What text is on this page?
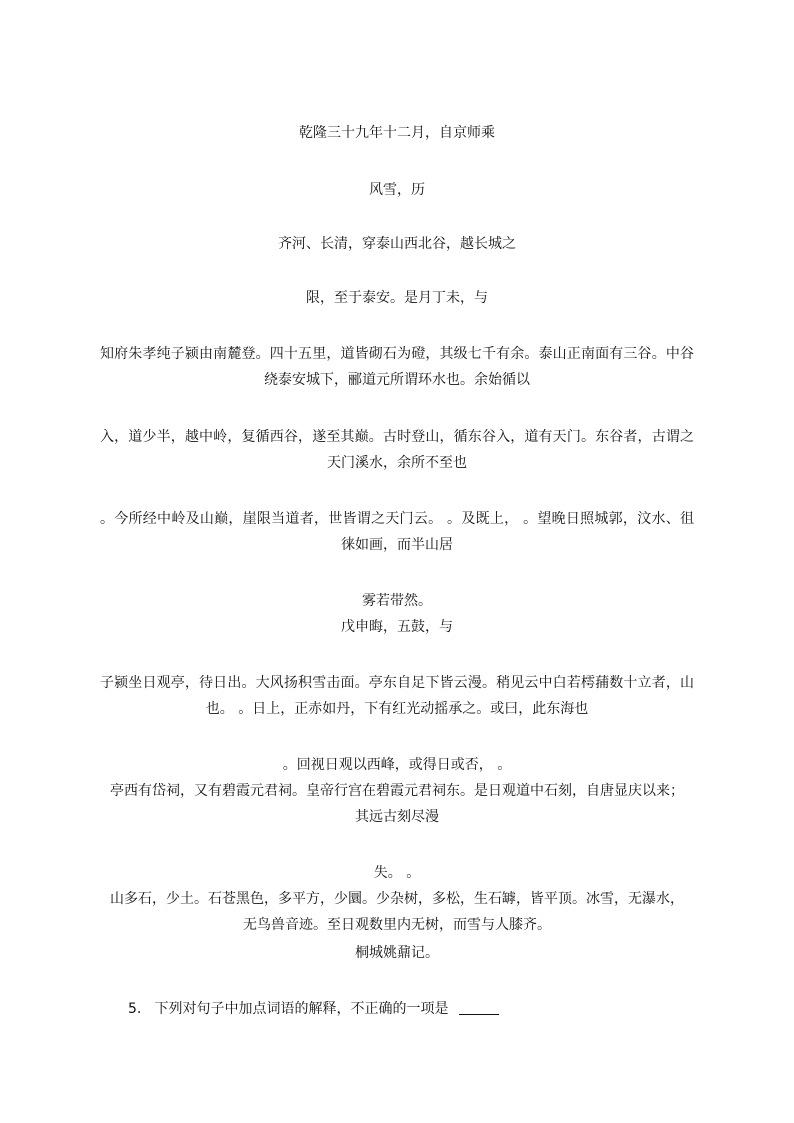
乾隆三十九年十二月，自京师乘
风雪，历
齐河、长清，穿泰山西北谷，越长城之
限，至于泰安。是月丁未，与
知府朱孝纯子颍由南麓登。四十五里，道皆砌石为磴，其级七千有余。泰山正南面有三谷。中谷
绕泰安城下，郦道元所谓环水也。余始循以
入，道少半，越中岭，复循西谷，遂至其巅。古时登山，循东谷入，道有天门。东谷者，古谓之
天门溪水，余所不至也
。今所经中岭及山巅，崖限当道者，世皆谓之天门云。 。及既上， 。望晚日照城郭，汶水、徂
徕如画，而半山居
雾若带然。
戊申晦，五鼓，与
子颍坐日观亭，待日出。大风扬积雪击面。亭东自足下皆云漫。稍见云中白若樗蒱数十立者，山
也。 。日上，正赤如丹，下有红光动摇承之。或曰，此东海也
。回视日观以西峰，或得日或否， 。
亭西有岱祠，又有碧霞元君祠。皇帝行宫在碧霞元君祠东。是日观道中石刻，自唐显庆以来；
其远古刻尽漫
失。 。
山多石，少土。石苍黑色，多平方，少圜。少杂树，多松，生石罅，皆平顶。冰雪，无瀑水，
无鸟兽音迹。至日观数里内无树，而雪与人膝齐。
桐城姚鼐记。
5. 下列对句子中加点词语的解释，不正确的一项是
